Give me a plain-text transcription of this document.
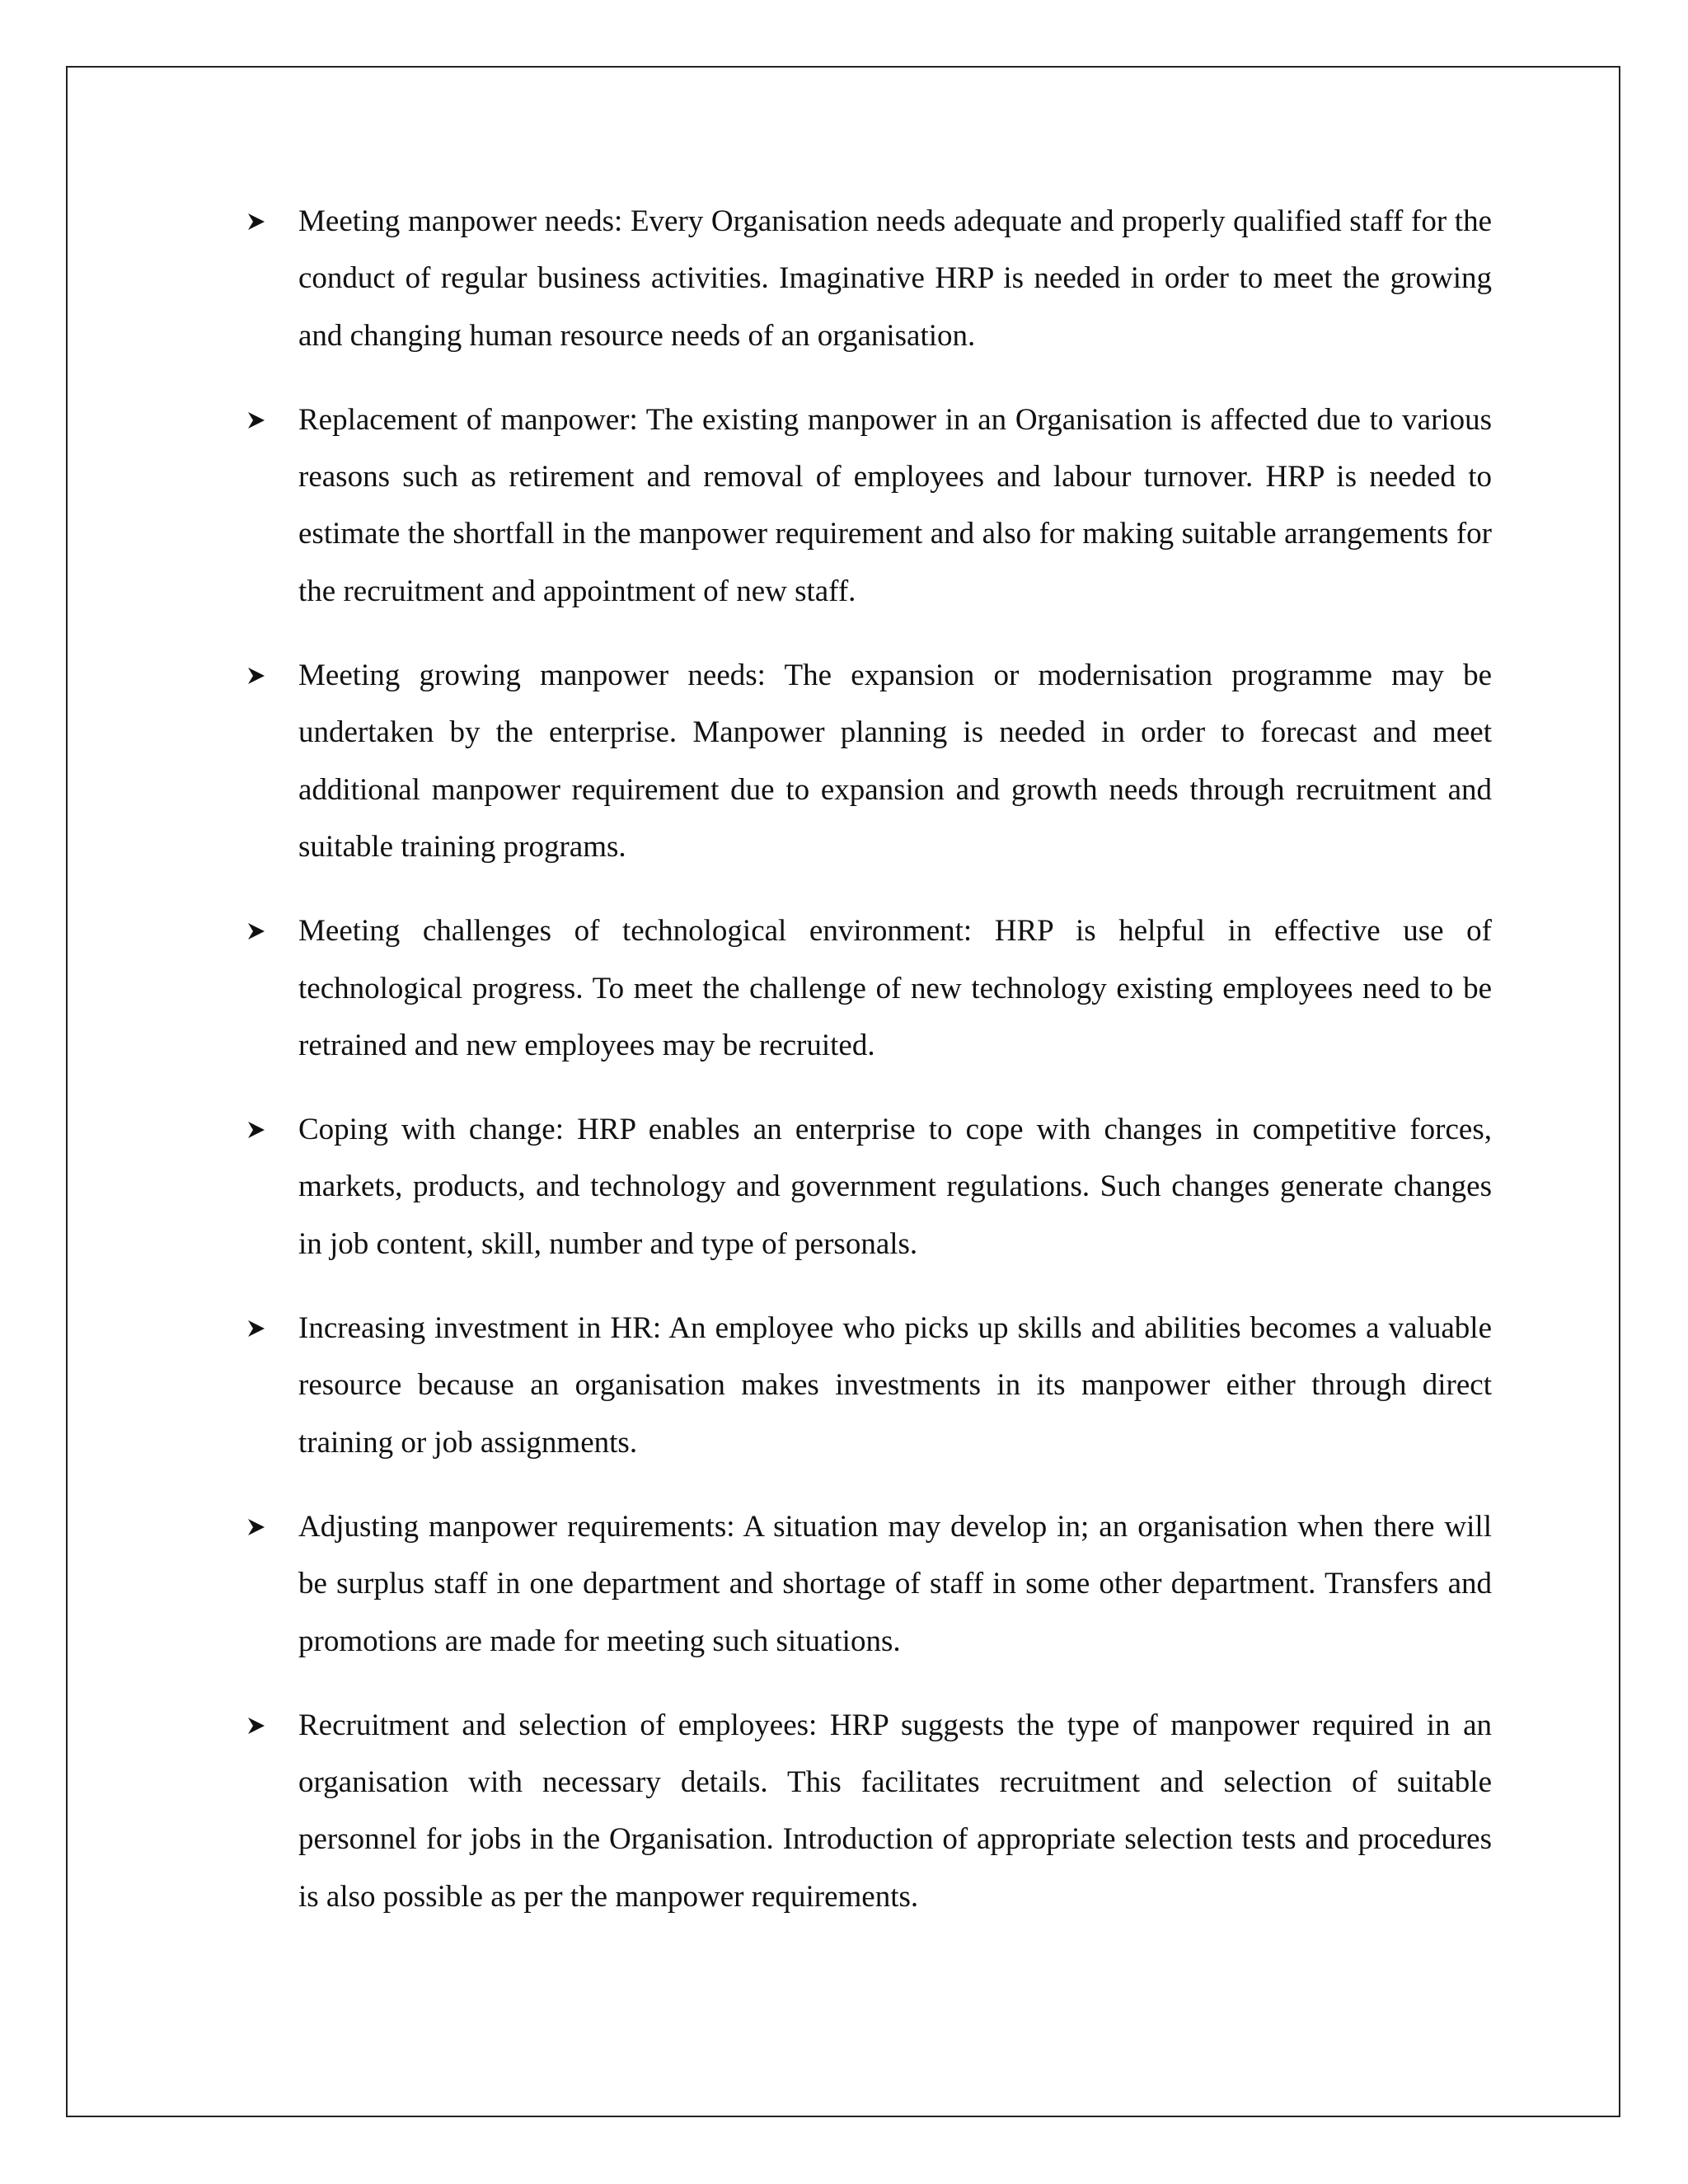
Meeting manpower needs: Every Organisation needs adequate and properly qualified staff for the conduct of regular business activities. Imaginative HRP is needed in order to meet the growing and changing human resource needs of an organisation.
Replacement of manpower: The existing manpower in an Organisation is affected due to various reasons such as retirement and removal of employees and labour turnover. HRP is needed to estimate the shortfall in the manpower requirement and also for making suitable arrangements for the recruitment and appointment of new staff.
Meeting growing manpower needs: The expansion or modernisation programme may be undertaken by the enterprise. Manpower planning is needed in order to forecast and meet additional manpower requirement due to expansion and growth needs through recruitment and suitable training programs.
Meeting challenges of technological environment: HRP is helpful in effective use of technological progress. To meet the challenge of new technology existing employees need to be retrained and new employees may be recruited.
Coping with change: HRP enables an enterprise to cope with changes in competitive forces, markets, products, and technology and government regulations. Such changes generate changes in job content, skill, number and type of personals.
Increasing investment in HR: An employee who picks up skills and abilities becomes a valuable resource because an organisation makes investments in its manpower either through direct training or job assignments.
Adjusting manpower requirements: A situation may develop in; an organisation when there will be surplus staff in one department and shortage of staff in some other department. Transfers and promotions are made for meeting such situations.
Recruitment and selection of employees: HRP suggests the type of manpower required in an organisation with necessary details. This facilitates recruitment and selection of suitable personnel for jobs in the Organisation. Introduction of appropriate selection tests and procedures is also possible as per the manpower requirements.
